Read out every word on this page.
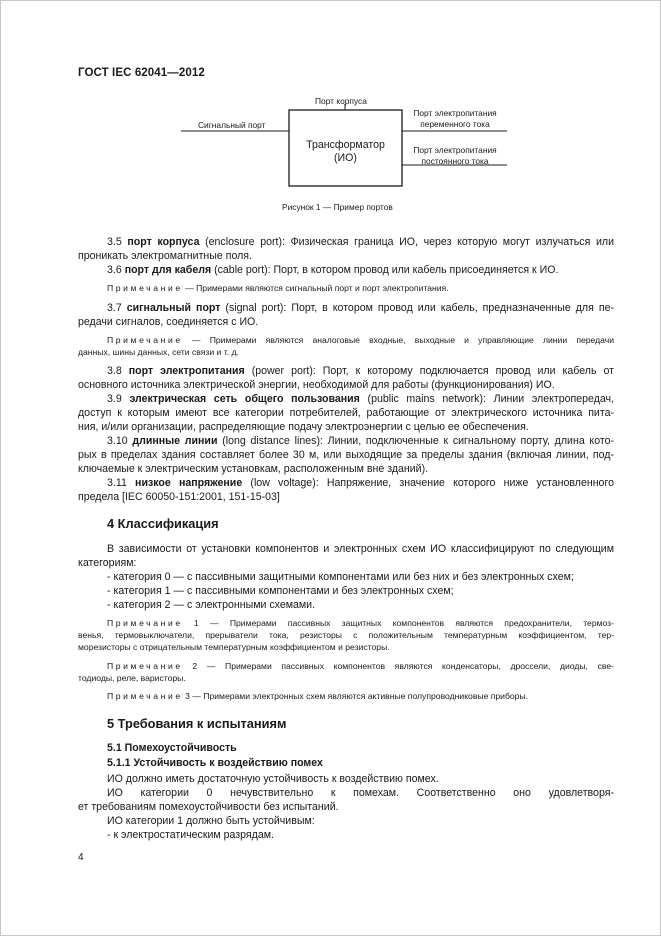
ГОСТ IEC 62041—2012
Трансформатор
(ИО)
Порт корпуса
Сигнальный порт
Порт электропитания
переменного тока
Порт электропитания
постоянного тока
Рисунок 1 — Пример портов
3.5 порт корпуса (enclosure port): Физическая граница ИО, через которую могут излучаться или
проникать электромагнитные поля.
3.6 порт для кабеля (cable port): Порт, в котором провод или кабель присоединяется к ИО.
Примечание — Примерами являются сигнальный порт и порт электропитания.
3.7 сигнальный порт (signal port): Порт, в котором провод или кабель, предназначенные для пе-
редачи сигналов, соединяется с ИО.
Примечание — Примерами являются аналоговые входные, выходные и управляющие линии передачи
данных, шины данных, сети связи и т. д.
3.8 порт электропитания (power port): Порт, к которому подключается провод или кабель от
основного источника электрической энергии, необходимой для работы (функционирования) ИО.
3.9 электрическая сеть общего пользования (public mains network): Линии электропередач,
доступ к которым имеют все категории потребителей, работающие от электрического источника пита-
ния, и/или организации, распределяющие подачу электроэнергии с целью ее обеспечения.
3.10 длинные линии (long distance lines): Линии, подключенные к сигнальному порту, длина кото-
рых в пределах здания составляет более 30 м, или выходящие за пределы здания (включая линии, под-
ключаемые к электрическим установкам, расположенным вне зданий).
3.11 низкое напряжение (low voltage): Напряжение, значение которого ниже установленного
предела [IEC 60050-151:2001, 151-15-03]
4 Классификация
В зависимости от установки компонентов и электронных схем ИО классифицируют по следующим
категориям:
- категория 0 — с пассивными защитными компонентами или без них и без электронных схем;
- категория 1 — с пассивными компонентами и без электронных схем;
- категория 2 — с электронными схемами.
Примечание 1 — Примерами пассивных защитных компонентов являются предохранители, термоз-
венья, термовыключатели, прерыватели тока, резисторы с положительным температурным коэффициентом, тер-
морезисторы с отрицательным температурным коэффициентом и резисторы.
Примечание 2 — Примерами пассивных компонентов являются конденсаторы, дроссели, диоды, све-
тодиоды, реле, варисторы.
Примечание 3 — Примерами электронных схем являются активные полупроводниковые приборы.
5 Требования к испытаниям
5.1 Помехоустойчивость
5.1.1 Устойчивость к воздействию помех
ИО должно иметь достаточную устойчивость к воздействию помех.
ИО категории 0 нечувствительно к помехам. Соответственно оно удовлетворя-
ет требованиям помехоустойчивости без испытаний.
ИО категории 1 должно быть устойчивым:
- к электростатическим разрядам.
4
